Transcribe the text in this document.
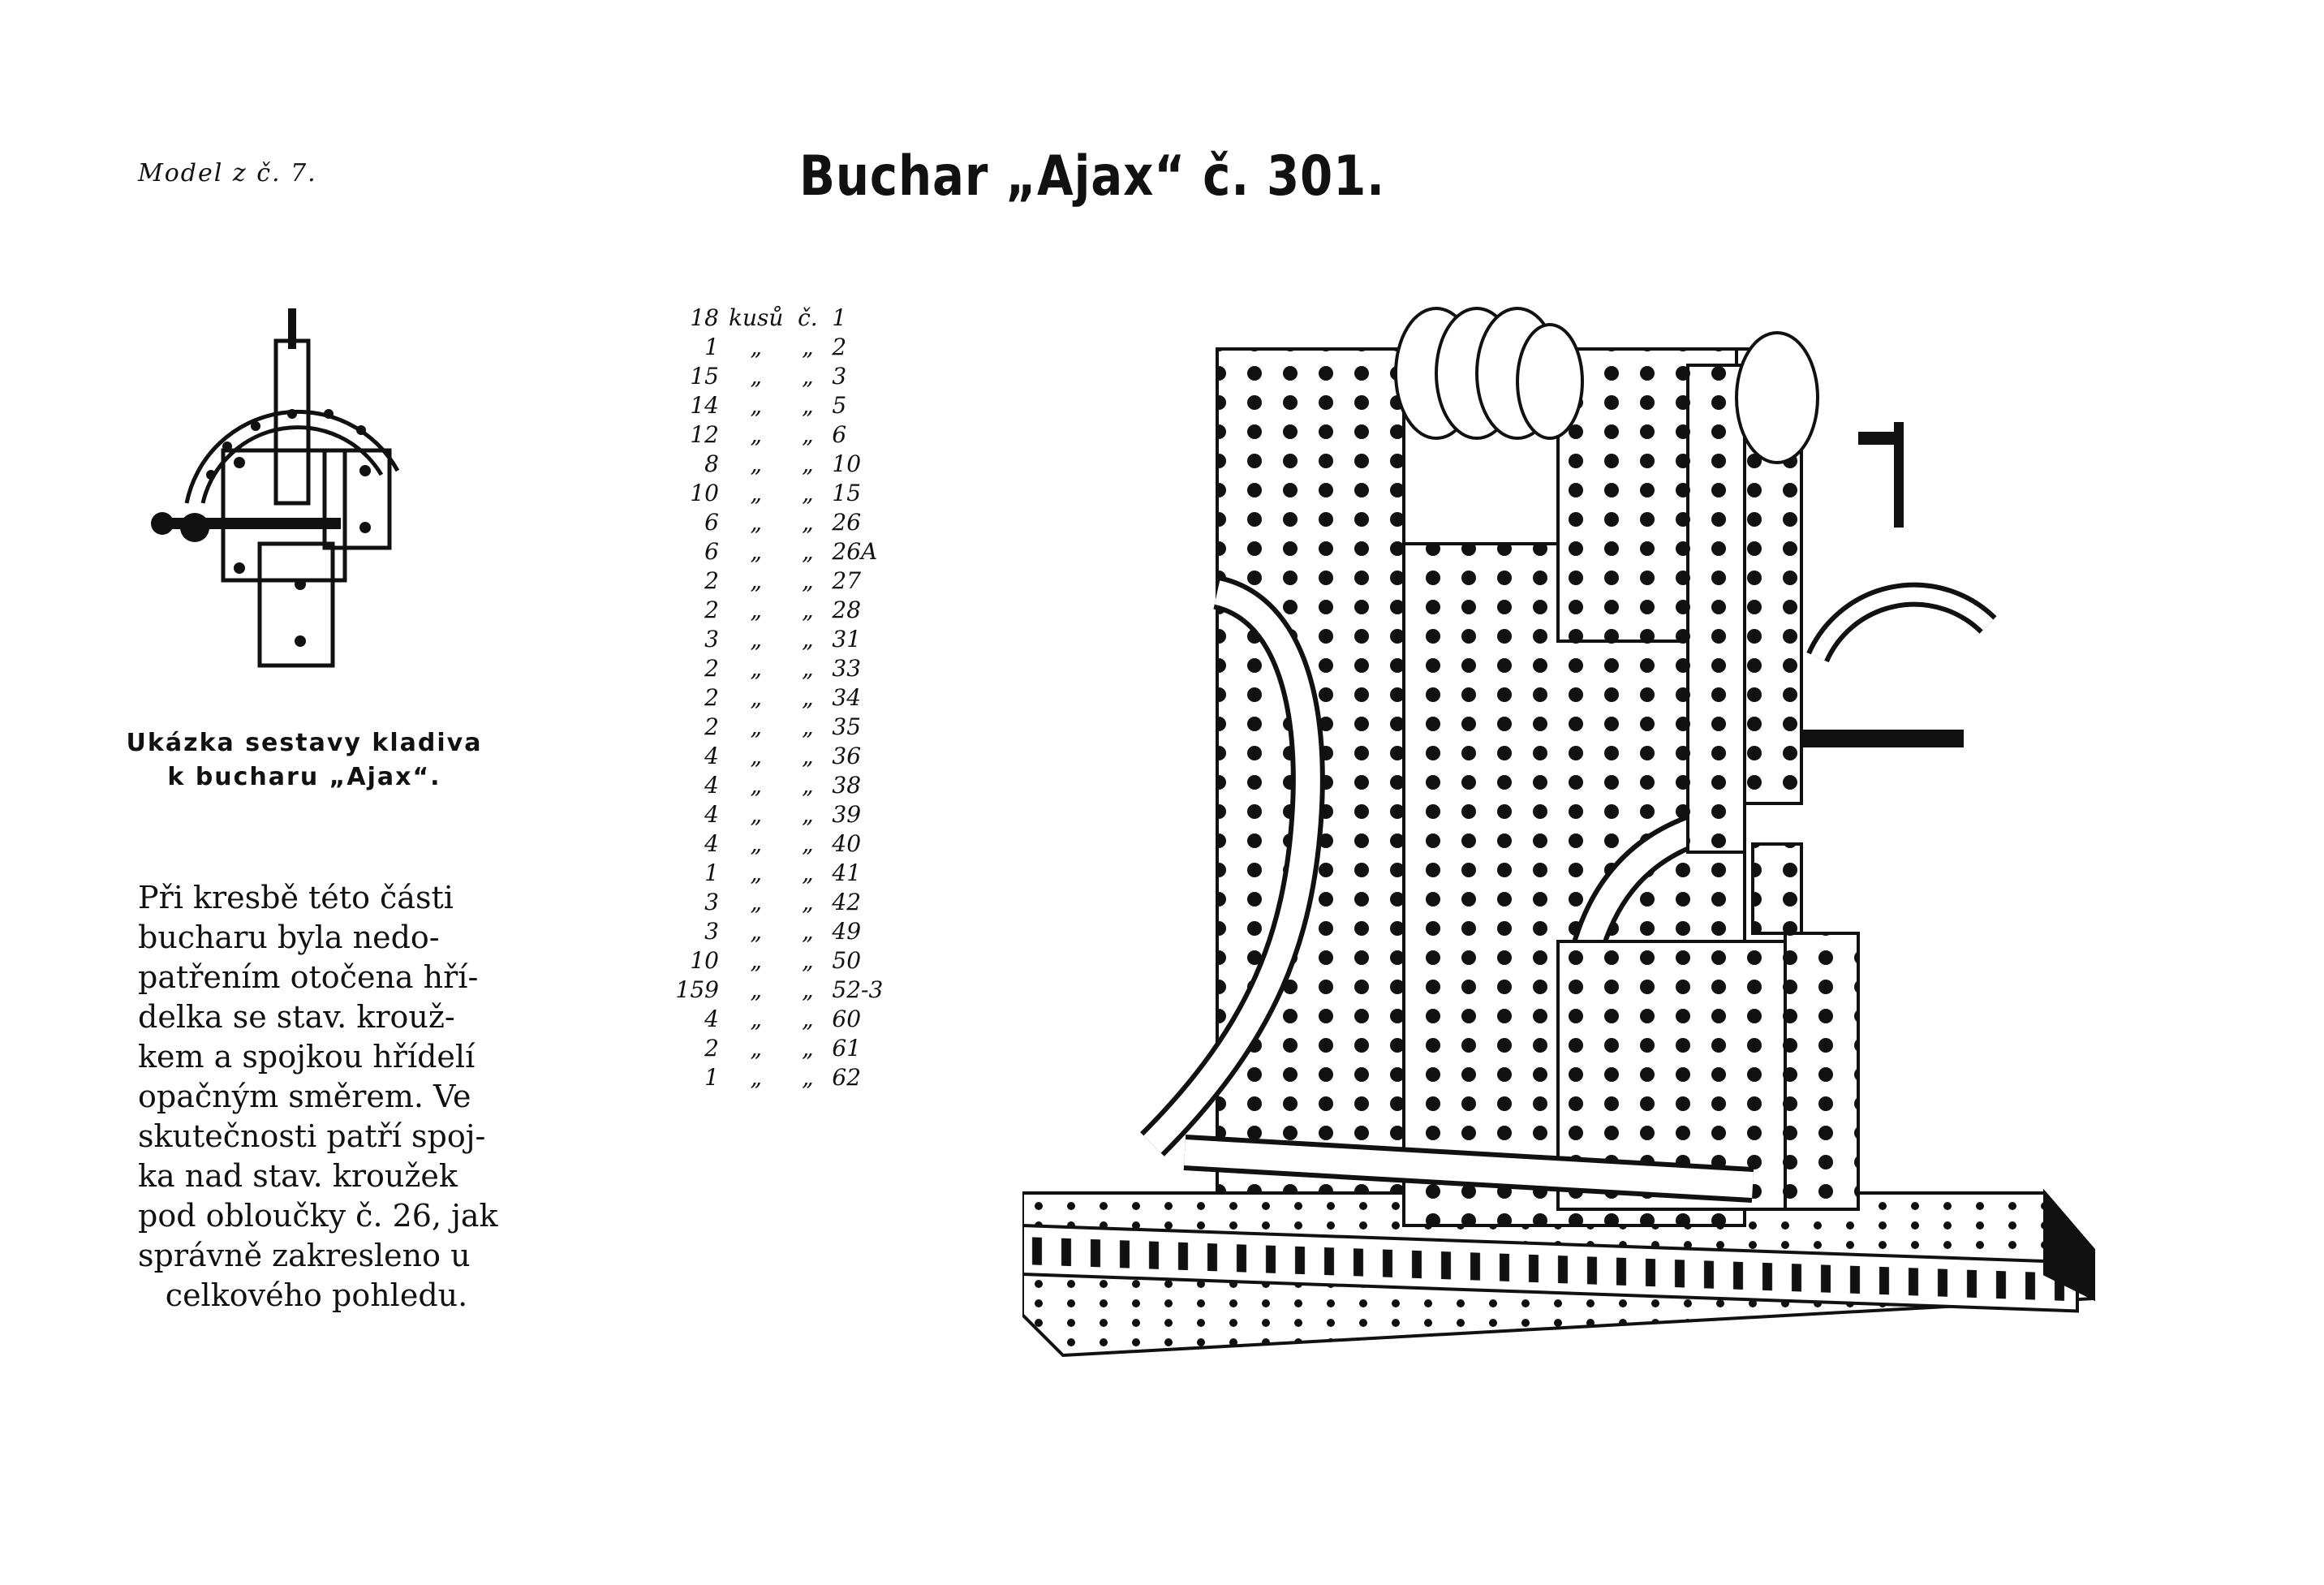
Model z č. 7.	Buchar „Ajax“ č. 301.
Ukázka sestavy kladiva
k bucharu „Ajax“.
Při kresbě této části
bucharu byla nedo-
patřením otočena hří-
delka se stav. krouž-
kem a spojkou hřídelí
opačným směrem. Ve
skutečnosti patří spoj-
ka nad stav. kroužek
pod obloučky č. 26, jak
správně zakresleno u
celkového pohledu.
18	kusů	č.	1
1	„	„	2
15	„	„	3
14	„	„	5
12	„	„	6
8	„	„	10
10	„	„	15
6	„	„	26
6	„	„	26A
2	„	„	27
2	„	„	28
3	„	„	31
2	„	„	33
2	„	„	34
2	„	„	35
4	„	„	36
4	„	„	38
4	„	„	39
4	„	„	40
1	„	„	41
3	„	„	42
3	„	„	49
10	„	„	50
159	„	„	52-3
4	„	„	60
2	„	„	61
1	„	„	62
